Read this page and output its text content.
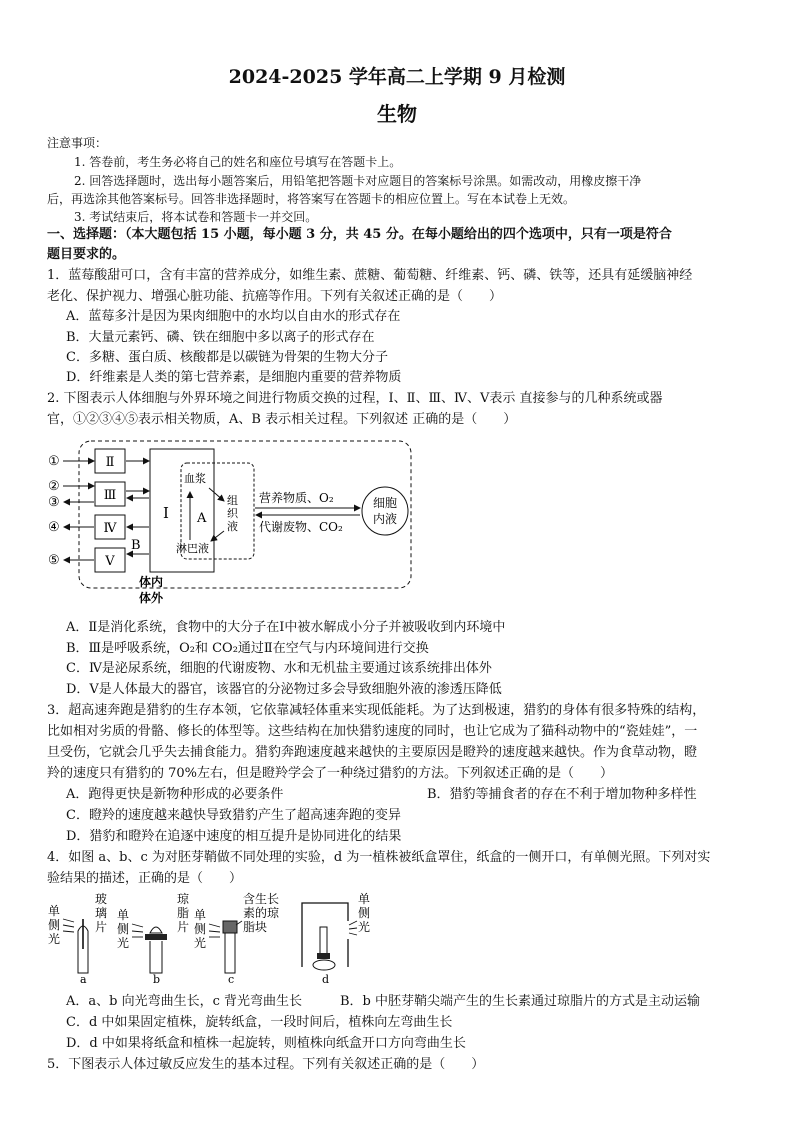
2024-2025 学年高二上学期 9 月检测
生物
注意事项：
1. 答卷前，考生务必将自己的姓名和座位号填写在答题卡上。
2. 回答选择题时，选出每小题答案后，用铅笔把答题卡对应题目的答案标号涂黑。如需改动，用橡皮擦干净
后，再选涂其他答案标号。回答非选择题时，将答案写在答题卡的相应位置上。写在本试卷上无效。
3. 考试结束后，将本试卷和答题卡一并交回。
一、选择题：（本大题包括 15 小题，每小题 3 分，共 45 分。在每小题给出的四个选项中，只有一项是符合
题目要求的。
1．蓝莓酸甜可口，含有丰富的营养成分，如维生素、蔗糖、葡萄糖、纤维素、钙、磷、铁等，还具有延缓脑神经
老化、保护视力、增强心脏功能、抗癌等作用。下列有关叙述正确的是（　　）
A．蓝莓多汁是因为果肉细胞中的水均以自由水的形式存在
B．大量元素钙、磷、铁在细胞中多以离子的形式存在
C．多糖、蛋白质、核酸都是以碳链为骨架的生物大分子
D．纤维素是人类的第七营养素，是细胞内重要的营养物质
2. 下图表示人体细胞与外界环境之间进行物质交换的过程，Ⅰ、Ⅱ、Ⅲ、Ⅳ、Ⅴ表示 直接参与的几种系统或器
官，①②③④⑤表示相关物质，A、B 表示相关过程。下列叙述 正确的是（　　）
Ⅱ
Ⅲ
Ⅳ
Ⅴ
①
②
③
④
⑤
B
Ⅰ
血浆
组织液
淋巴液
A
营养物质、O₂
代谢废物、CO₂
细胞
内液
体内
体外
A．Ⅱ是消化系统，食物中的大分子在Ⅰ中被水解成小分子并被吸收到内环境中
B．Ⅲ是呼吸系统，O₂和 CO₂通过Ⅱ在空气与内环境间进行交换
C．Ⅳ是泌尿系统，细胞的代谢废物、水和无机盐主要通过该系统排出体外
D．Ⅴ是人体最大的器官，该器官的分泌物过多会导致细胞外液的渗透压降低
3．超高速奔跑是猎豹的生存本领，它依靠减轻体重来实现低能耗。为了达到极速，猎豹的身体有很多特殊的结构，
比如相对劣质的骨骼、修长的体型等。这些结构在加快猎豹速度的同时，也让它成为了猫科动物中的“瓷娃娃”，一
旦受伤，它就会几乎失去捕食能力。猎豹奔跑速度越来越快的主要原因是瞪羚的速度越来越快。作为食草动物，瞪
羚的速度只有猎豹的 70%左右，但是瞪羚学会了一种绕过猎豹的方法。下列叙述正确的是（　　）
A．跑得更快是新物种形成的必要条件	B．猎豹等捕食者的存在不利于增加物种多样性
C．瞪羚的速度越来越快导致猎豹产生了超高速奔跑的变异
D．猎豹和瞪羚在追逐中速度的相互提升是协同进化的结果
4．如图 a、b、c 为对胚芽鞘做不同处理的实验，d 为一植株被纸盒罩住，纸盒的一侧开口，有单侧光照。下列对实
验结果的描述，正确的是（　　）
单侧光
玻璃片
a
单侧光
琼脂片
b
单侧光
含生长素的琼脂块
c
单侧光
d
A．a、b 向光弯曲生长，c 背光弯曲生长	B．b 中胚芽鞘尖端产生的生长素通过琼脂片的方式是主动运输
C．d 中如果固定植株，旋转纸盒，一段时间后，植株向左弯曲生长
D．d 中如果将纸盒和植株一起旋转，则植株向纸盒开口方向弯曲生长
5．下图表示人体过敏反应发生的基本过程。下列有关叙述正确的是（　　）
